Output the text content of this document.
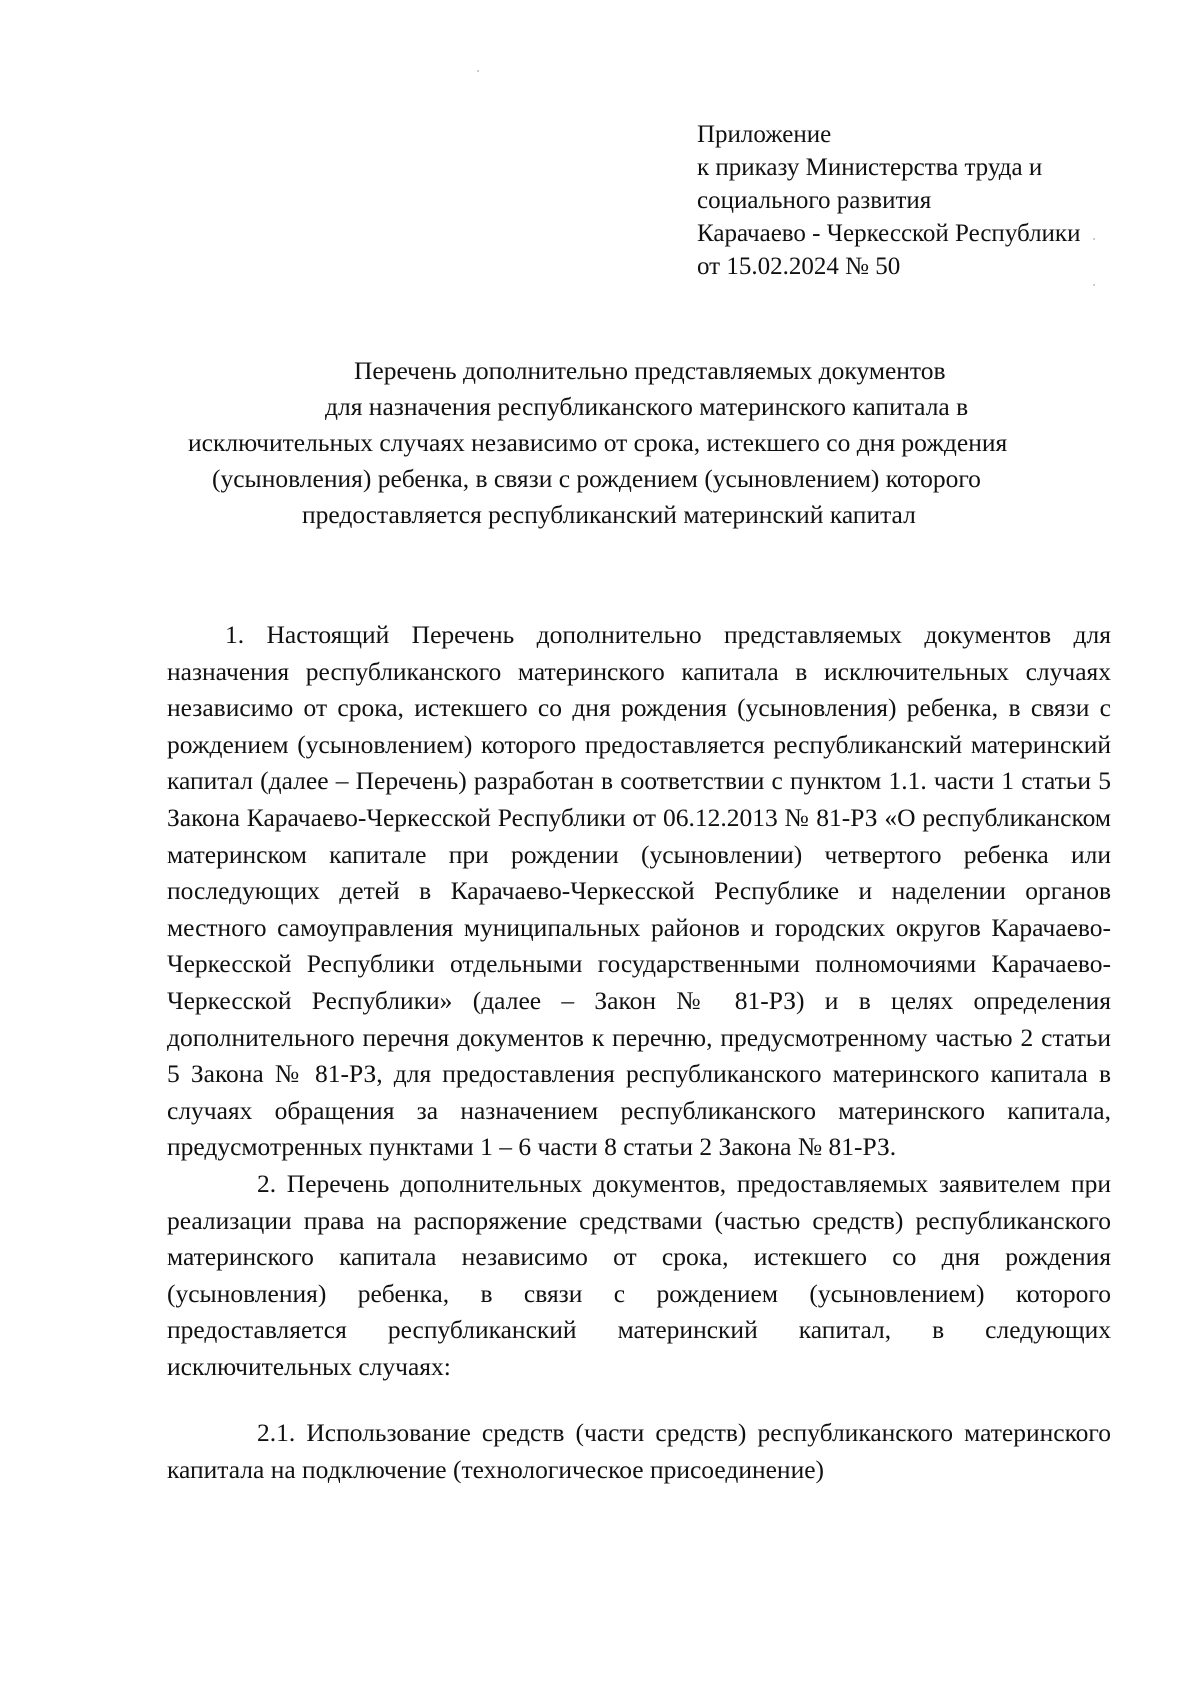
Приложение
к приказу Министерства труда и
социального развития
Карачаево - Черкесской Республики
от 15.02.2024 № 50
Перечень дополнительно представляемых документов
для назначения республиканского материнского капитала в
исключительных случаях независимо от срока, истекшего со дня рождения
(усыновления) ребенка, в связи с рождением (усыновлением) которого
предоставляется республиканский материнский капитал

1. Настоящий Перечень дополнительно представляемых документов для назначения республиканского материнского капитала в исключительных случаях независимо от срока, истекшего со дня рождения (усыновления) ребенка, в связи с рождением (усыновлением) которого предоставляется республиканский материнский капитал (далее – Перечень) разработан в соответствии с пунктом 1.1. части 1 статьи 5 Закона Карачаево-Черкесской Республики от 06.12.2013 № 81-РЗ «О республиканском материнском капитале при рождении (усыновлении) четвертого ребенка или последующих детей в Карачаево-Черкесской Республике и наделении органов местного самоуправления муниципальных районов и городских округов Карачаево-Черкесской Республики отдельными государственными полномочиями Карачаево-Черкесской Республики» (далее – Закон № 81-РЗ) и в целях определения дополнительного перечня документов к перечню, предусмотренному частью 2 статьи 5 Закона № 81-РЗ, для предоставления республиканского материнского капитала в случаях обращения за назначением республиканского материнского капитала, предусмотренных пунктами 1 – 6 части 8 статьи 2 Закона № 81-РЗ.

2. Перечень дополнительных документов, предоставляемых заявителем при реализации права на распоряжение средствами (частью средств) республиканского материнского капитала независимо от срока, истекшего со дня рождения (усыновления) ребенка, в связи с рождением (усыновлением) которого предоставляется республиканский материнский капитал, в следующих исключительных случаях:

2.1. Использование средств (части средств) республиканского материнского капитала на подключение (технологическое присоединение)
